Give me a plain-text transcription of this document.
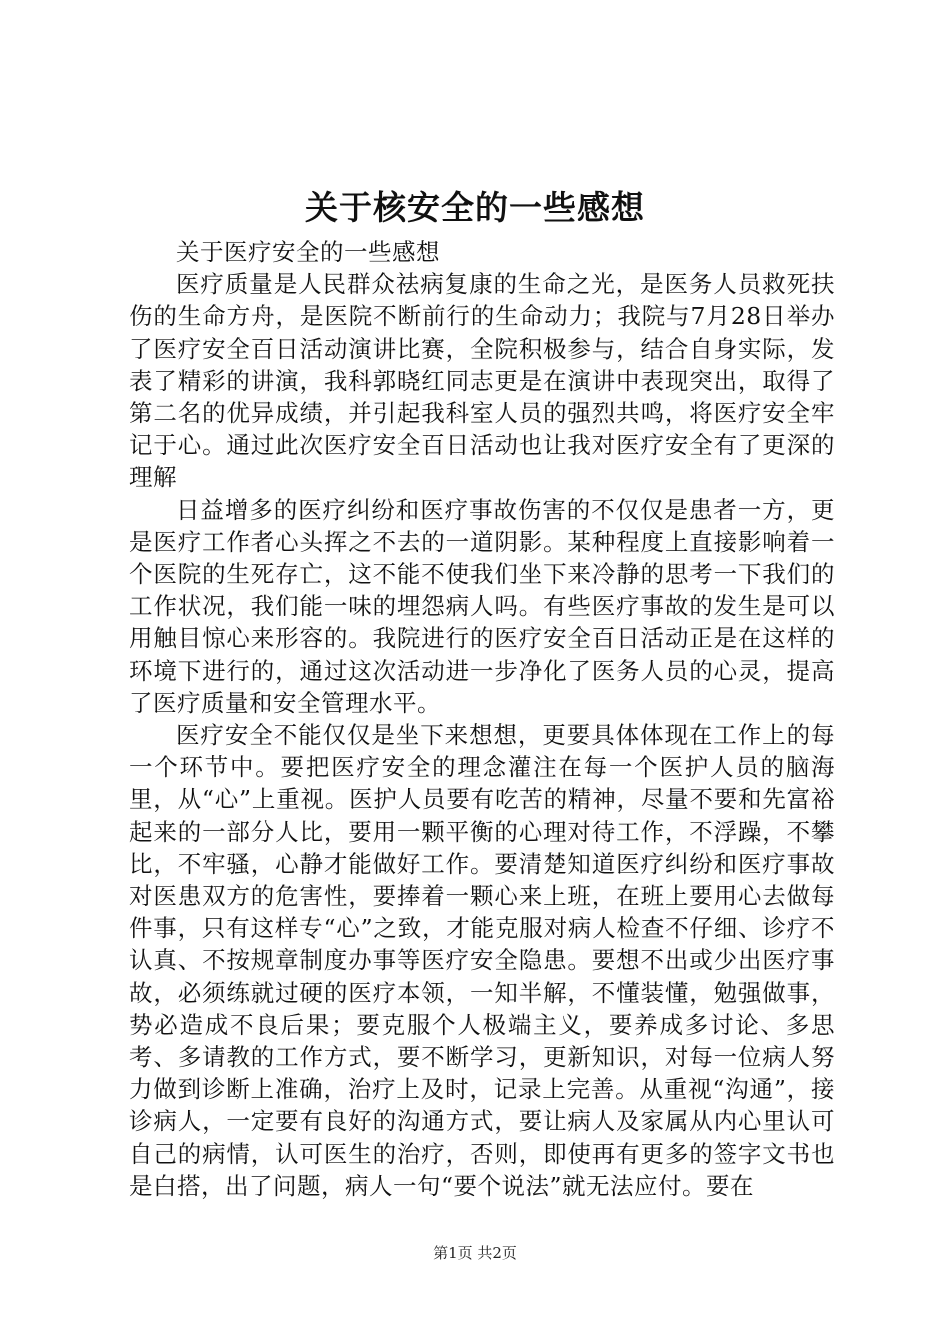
关于核安全的一些感想

关于医疗安全的一些感想

医疗质量是人民群众祛病复康的生命之光，是医务人员救死扶伤的生命方舟，是医院不断前行的生命动力；我院与7月28日举办了医疗安全百日活动演讲比赛，全院积极参与，结合自身实际，发表了精彩的讲演，我科郭晓红同志更是在演讲中表现突出，取得了第二名的优异成绩，并引起我科室人员的强烈共鸣，将医疗安全牢记于心。通过此次医疗安全百日活动也让我对医疗安全有了更深的理解

日益增多的医疗纠纷和医疗事故伤害的不仅仅是患者一方，更是医疗工作者心头挥之不去的一道阴影。某种程度上直接影响着一个医院的生死存亡，这不能不使我们坐下来冷静的思考一下我们的工作状况，我们能一味的埋怨病人吗。有些医疗事故的发生是可以用触目惊心来形容的。我院进行的医疗安全百日活动正是在这样的环境下进行的，通过这次活动进一步净化了医务人员的心灵，提高了医疗质量和安全管理水平。

医疗安全不能仅仅是坐下来想想，更要具体体现在工作上的每一个环节中。要把医疗安全的理念灌注在每一个医护人员的脑海里，从“心”上重视。医护人员要有吃苦的精神，尽量不要和先富裕起来的一部分人比，要用一颗平衡的心理对待工作，不浮躁，不攀比，不牢骚，心静才能做好工作。要清楚知道医疗纠纷和医疗事故对医患双方的危害性，要捧着一颗心来上班，在班上要用心去做每件事，只有这样专“心”之致，才能克服对病人检查不仔细、诊疗不认真、不按规章制度办事等医疗安全隐患。要想不出或少出医疗事故，必须练就过硬的医疗本领，一知半解，不懂装懂，勉强做事，势必造成不良后果；要克服个人极端主义，要养成多讨论、多思考、多请教的工作方式，要不断学习，更新知识，对每一位病人努力做到诊断上准确，治疗上及时，记录上完善。从重视“沟通”，接诊病人，一定要有良好的沟通方式，要让病人及家属从内心里认可自己的病情，认可医生的治疗，否则，即使再有更多的签字文书也是白搭，出了问题，病人一句“要个说法”就无法应付。要在

第1页 共2页
